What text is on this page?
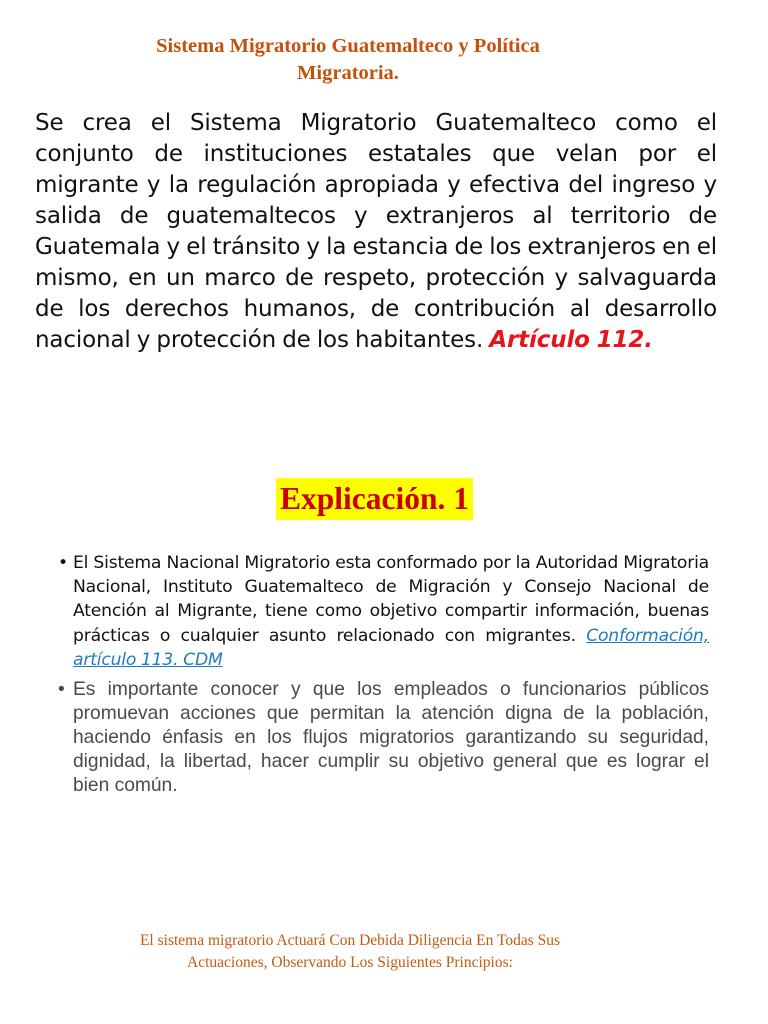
Sistema Migratorio Guatemalteco y Política
Migratoria.
Se crea el Sistema Migratorio Guatemalteco como el conjunto de instituciones estatales que velan por el migrante y la regulación apropiada y efectiva del ingreso y salida de guatemaltecos y extranjeros al territorio de Guatemala y el tránsito y la estancia de los extranjeros en el mismo, en un marco de respeto, protección y salvaguarda de los derechos humanos, de contribución al desarrollo nacional y protección de los habitantes. Artículo 112.
Explicación. 1
• El Sistema Nacional Migratorio esta conformado por la Autoridad Migratoria Nacional, Instituto Guatemalteco de Migración y Consejo Nacional de Atención al Migrante, tiene como objetivo compartir información, buenas prácticas o cualquier asunto relacionado con migrantes. Conformación, artículo 113. CDM
• Es importante conocer y que los empleados o funcionarios públicos promuevan acciones que permitan la atención digna de la población, haciendo énfasis en los flujos migratorios garantizando su seguridad, dignidad, la libertad, hacer cumplir su objetivo general que es lograr el bien común.
El sistema migratorio Actuará Con Debida Diligencia En Todas Sus
Actuaciones, Observando Los Siguientes Principios:
